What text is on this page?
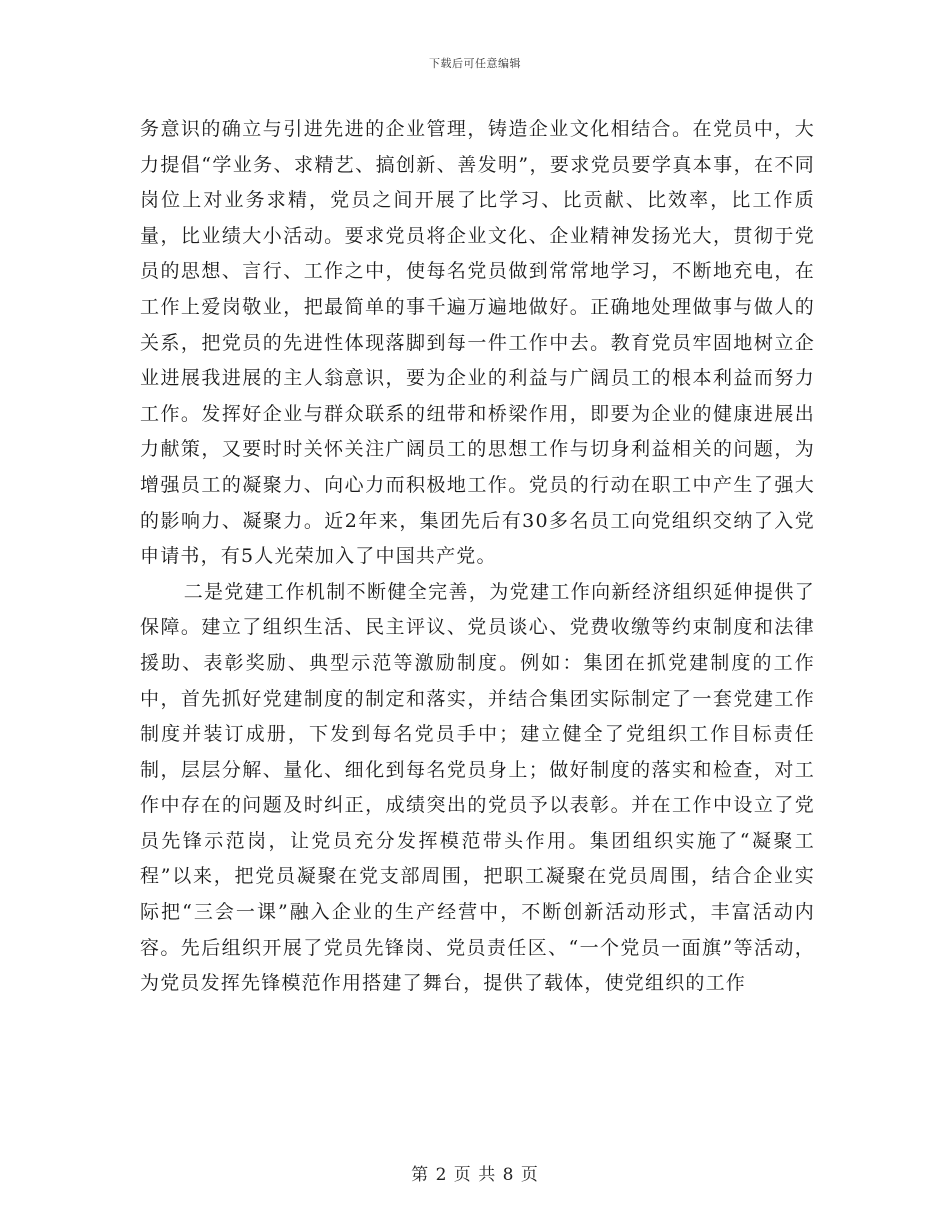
下载后可任意编辑

务意识的确立与引进先进的企业管理，铸造企业文化相结合。在党员中，大力提倡“学业务、求精艺、搞创新、善发明”，要求党员要学真本事，在不同岗位上对业务求精，党员之间开展了比学习、比贡献、比效率，比工作质量，比业绩大小活动。要求党员将企业文化、企业精神发扬光大，贯彻于党员的思想、言行、工作之中，使每名党员做到常常地学习，不断地充电，在工作上爱岗敬业，把最简单的事千遍万遍地做好。正确地处理做事与做人的关系，把党员的先进性体现落脚到每一件工作中去。教育党员牢固地树立企业进展我进展的主人翁意识，要为企业的利益与广阔员工的根本利益而努力工作。发挥好企业与群众联系的纽带和桥梁作用，即要为企业的健康进展出力献策，又要时时关怀关注广阔员工的思想工作与切身利益相关的问题，为增强员工的凝聚力、向心力而积极地工作。党员的行动在职工中产生了强大的影响力、凝聚力。近2年来，集团先后有30多名员工向党组织交纳了入党申请书，有5人光荣加入了中国共产党。

二是党建工作机制不断健全完善，为党建工作向新经济组织延伸提供了保障。建立了组织生活、民主评议、党员谈心、党费收缴等约束制度和法律援助、表彰奖励、典型示范等激励制度。例如：集团在抓党建制度的工作中，首先抓好党建制度的制定和落实，并结合集团实际制定了一套党建工作制度并装订成册，下发到每名党员手中；建立健全了党组织工作目标责任制，层层分解、量化、细化到每名党员身上；做好制度的落实和检查，对工作中存在的问题及时纠正，成绩突出的党员予以表彰。并在工作中设立了党员先锋示范岗，让党员充分发挥模范带头作用。集团组织实施了“凝聚工程”以来，把党员凝聚在党支部周围，把职工凝聚在党员周围，结合企业实际把“三会一课”融入企业的生产经营中，不断创新活动形式，丰富活动内容。先后组织开展了党员先锋岗、党员责任区、“一个党员一面旗”等活动，为党员发挥先锋模范作用搭建了舞台，提供了载体，使党组织的工作

第 2 页 共 8 页
